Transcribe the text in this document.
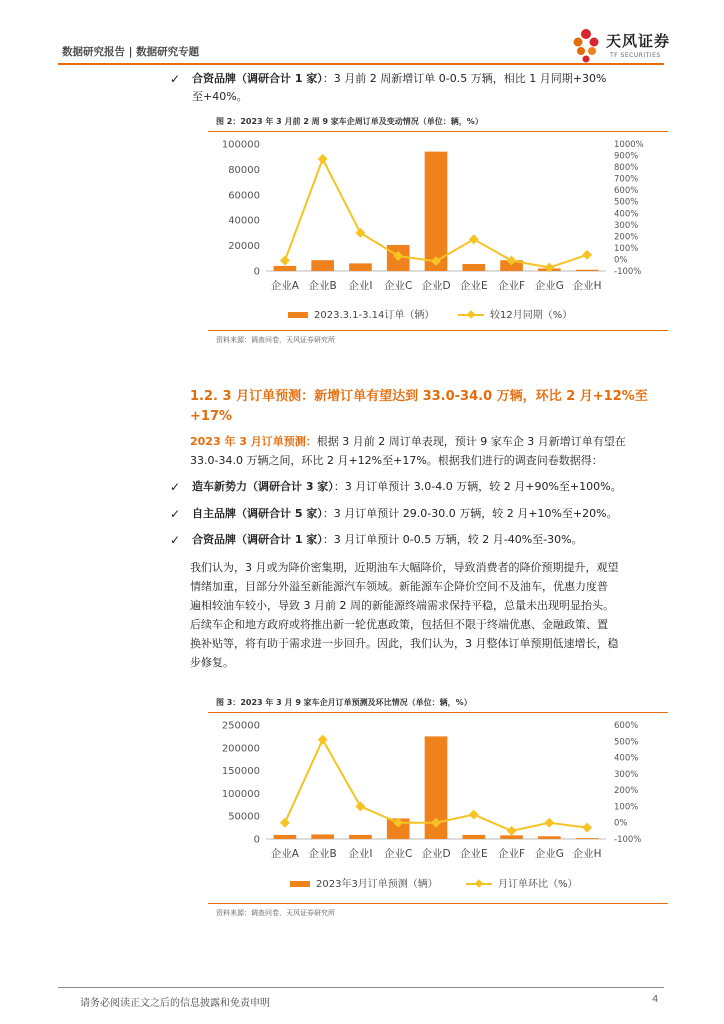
数据研究报告 | 数据研究专题
天风证券
TF SECURITIES
✓ 合资品牌（调研合计 1 家）：3 月前 2 周新增订单 0-0.5 万辆，相比 1 月同期+30%
至+40%。
图 2：2023 年 3 月前 2 周 9 家车企周订单及变动情况（单位：辆，%）
0
20000
40000
60000
80000
100000
-100%
0%
100%
200%
300%
400%
500%
600%
700%
800%
900%
1000%
企业A 企业B 企业I 企业C 企业D 企业E 企业F 企业G 企业H
2023.3.1-3.14订单（辆）	较12月同期（%）
资料来源：调查问卷，天风证券研究所
1.2. 3 月订单预测：新增订单有望达到 33.0-34.0 万辆，环比 2 月+12%至
+17%
2023 年 3 月订单预测：根据 3 月前 2 周订单表现，预计 9 家车企 3 月新增订单有望在
33.0-34.0 万辆之间，环比 2 月+12%至+17%。根据我们进行的调查问卷数据得：
✓ 造车新势力（调研合计 3 家）：3 月订单预计 3.0-4.0 万辆，较 2 月+90%至+100%。
✓ 自主品牌（调研合计 5 家）：3 月订单预计 29.0-30.0 万辆，较 2 月+10%至+20%。
✓ 合资品牌（调研合计 1 家）：3 月订单预计 0-0.5 万辆，较 2 月-40%至-30%。
我们认为，3 月或为降价密集期，近期油车大幅降价，导致消费者的降价预期提升，观望
情绪加重，目部分外溢至新能源汽车领域。新能源车企降价空间不及油车，优惠力度普
遍相较油车较小，导致 3 月前 2 周的新能源终端需求保持平稳，总量未出现明显抬头。
后续车企和地方政府或将推出新一轮优惠政策，包括但不限于终端优惠、金融政策、置
换补贴等，将有助于需求进一步回升。因此，我们认为，3 月整体订单预期低速增长，稳
步修复。
图 3：2023 年 3 月 9 家车企月订单预测及环比情况（单位：辆，%）
0
50000
100000
150000
200000
250000
-100%
0%
100%
200%
300%
400%
500%
600%
企业A 企业B 企业I 企业C 企业D 企业E 企业F 企业G 企业H
2023年3月订单预测（辆）	月订单环比（%）
资料来源：调查问卷，天风证券研究所
请务必阅读正文之后的信息披露和免责申明	4
